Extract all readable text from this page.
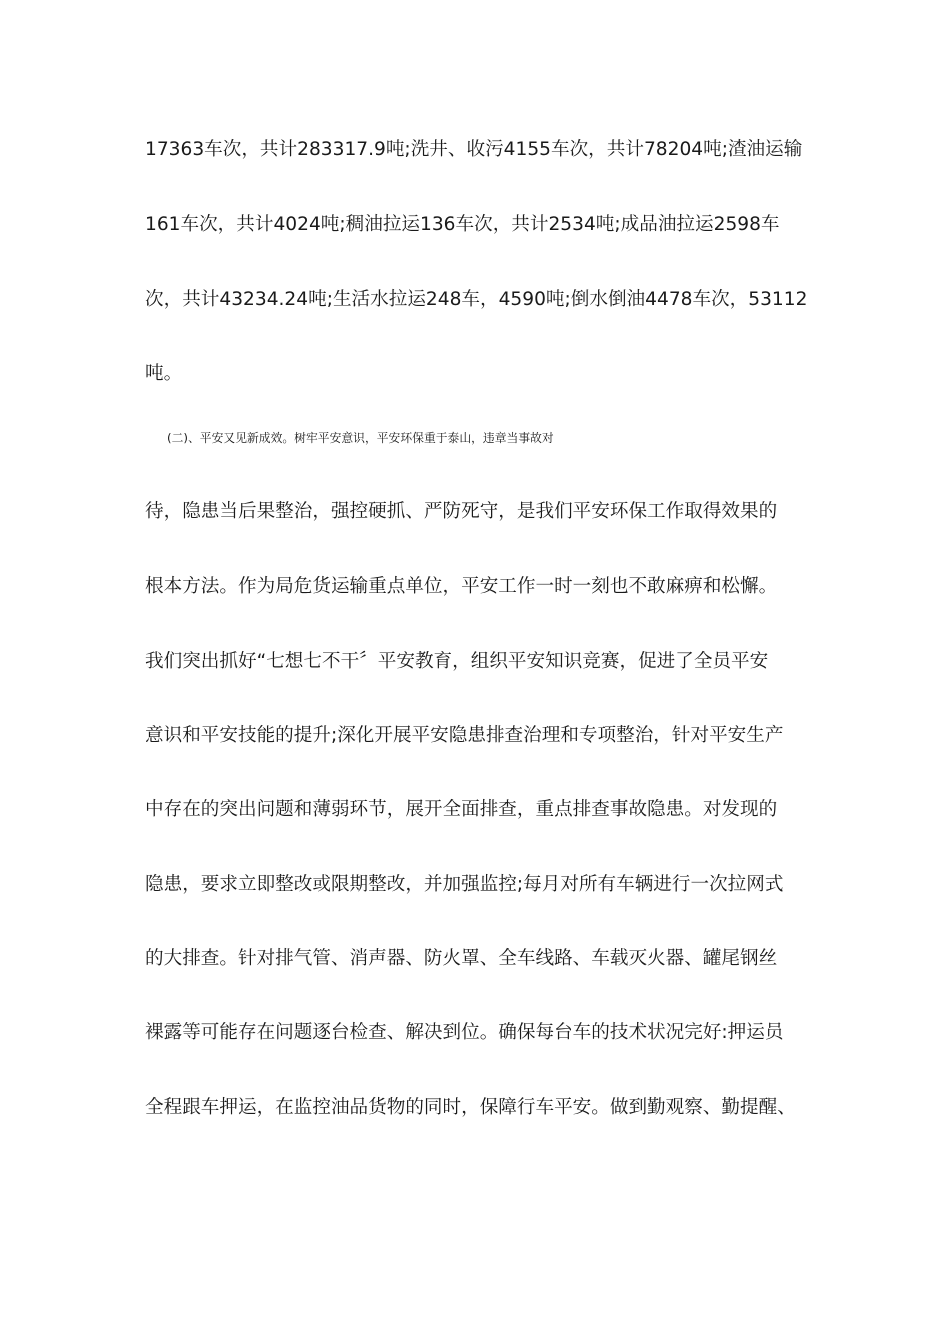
17363车次，共计283317.9吨;洗井、收污4155车次，共计78204吨;渣油运输
161车次，共计4024吨;稠油拉运136车次，共计2534吨;成品油拉运2598车
次，共计43234.24吨;生活水拉运248车，4590吨;倒水倒油4478车次，53112
吨。
(二)、平安又见新成效。树牢平安意识，平安环保重于泰山，违章当事故对
待，隐患当后果整治，强控硬抓、严防死守，是我们平安环保工作取得效果的
根本方法。作为局危货运输重点单位，平安工作一时一刻也不敢麻痹和松懈。
我们突出抓好“七想七不干〞平安教育，组织平安知识竞赛，促进了全员平安
意识和平安技能的提升;深化开展平安隐患排查治理和专项整治，针对平安生产
中存在的突出问题和薄弱环节，展开全面排查，重点排查事故隐患。对发现的
隐患，要求立即整改或限期整改，并加强监控;每月对所有车辆进行一次拉网式
的大排查。针对排气管、消声器、防火罩、全车线路、车载灭火器、罐尾钢丝
裸露等可能存在问题逐台检查、解决到位。确保每台车的技术状况完好:押运员
全程跟车押运，在监控油品货物的同时，保障行车平安。做到勤观察、勤提醒、
